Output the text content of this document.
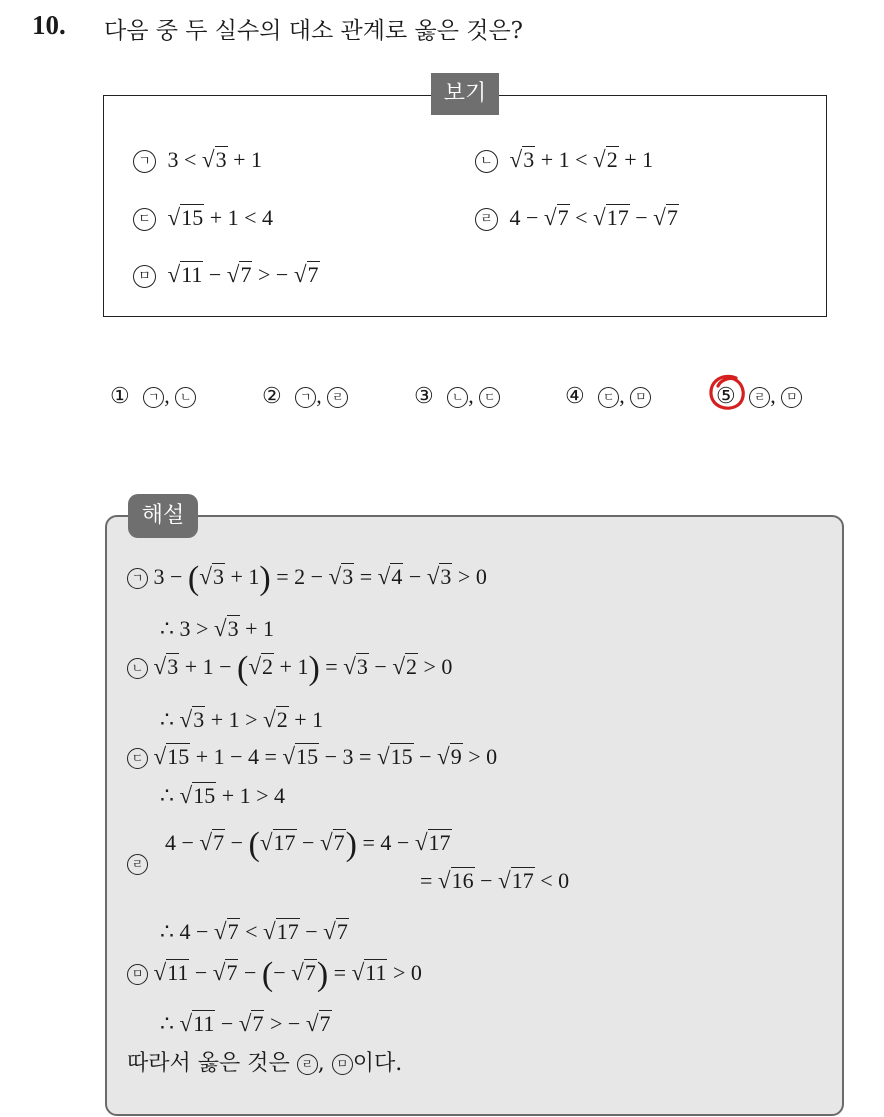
10. 다음 중 두 실수의 대소 관계로 옳은 것은?
보기
ㄱ 3 < √3 + 1	ㄴ √3 + 1 < √2 + 1
ㄷ √15 + 1 < 4	ㄹ 4 − √7 < √17 − √7
ㅁ √11 − √7 > − √7
① ㄱ , ㄴ	② ㄱ , ㄹ	③ ㄴ , ㄷ	④ ㄷ , ㅁ	⑤ ㄹ , ㅁ
해설
ㄱ 3 − (√3 + 1) = 2 − √3 = √4 − √3 > 0
∴ 3 > √3 + 1
ㄴ √3 + 1 − (√2 + 1) = √3 − √2 > 0
∴ √3 + 1 > √2 + 1
ㄷ √15 + 1 − 4 = √15 − 3 = √15 − √9 > 0
∴ √15 + 1 > 4
ㄹ
4 − √7 − (√17 − √7) = 4 − √17
= √16 − √17 < 0
∴ 4 − √7 < √17 − √7
ㅁ √11 − √7 − (− √7) = √11 > 0
∴ √11 − √7 > − √7
따라서 옳은 것은 ㄹ , ㅁ 이다.
